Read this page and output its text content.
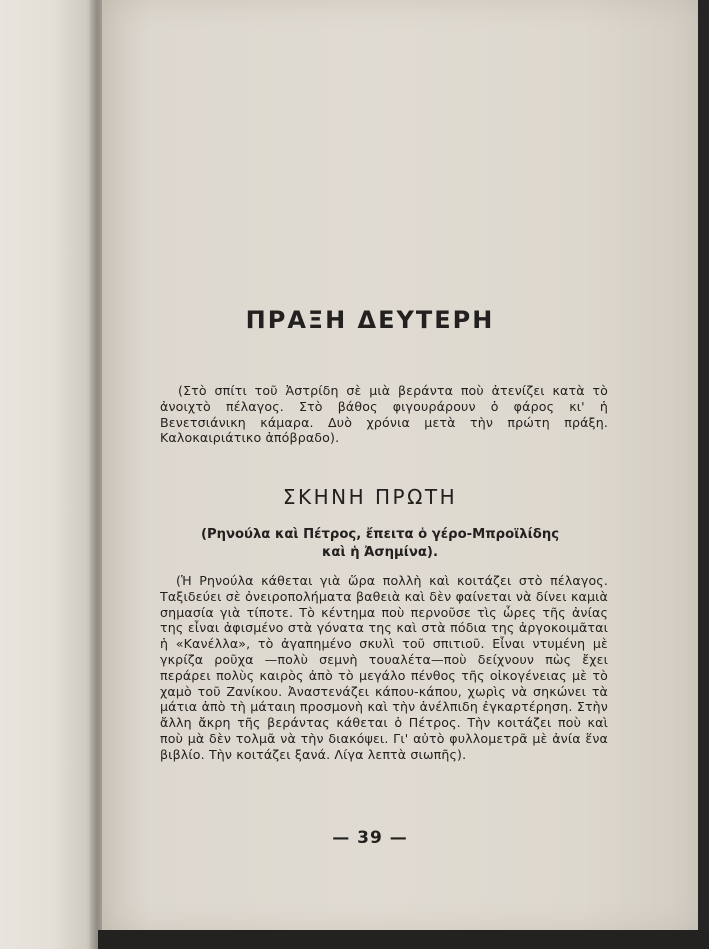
ΠΡΑΞΗ ΔΕΥΤΕΡΗ
(Στὸ σπίτι τοῦ Ἀστρίδη σὲ μιὰ βεράντα ποὺ ἀτενίζει κατὰ τὸ ἀνοιχτὸ πέλαγος. Στὸ βάθος φιγουράρουν ὁ φάρος κι' ἡ Βενετσιάνικη κάμαρα. Δυὸ χρόνια μετὰ τὴν πρώτη πράξη. Καλοκαιριάτικο ἀπόβραδο).
ΣΚΗΝΗ ΠΡΩΤΗ
(Ρηνούλα καὶ Πέτρος, ἔπειτα ὁ γέρο-Μπροϊλίδης
καὶ ἡ Ἀσημίνα).
(Ἡ Ρηνούλα κάθεται γιὰ ὥρα πολλὴ καὶ κοιτάζει στὸ πέλαγος. Ταξιδεύει σὲ ὀνειροπολήματα βαθειὰ καὶ δὲν φαίνεται νὰ δίνει καμιὰ σημασία γιὰ τίποτε. Τὸ κέντημα ποὺ περνοῦσε τὶς ὧρες τῆς ἀνίας της εἶναι ἀφισμένο στὰ γόνατα της καὶ στὰ πόδια της ἀργοκοιμᾶται ἡ «Κανέλλα», τὸ ἀγαπημένο σκυλὶ τοῦ σπιτιοῦ. Εἶναι ντυμένη μὲ γκρίζα ροῦχα —πολὺ σεμνὴ τουαλέτα—ποὺ δείχνουν πὼς ἔχει περάρει πολὺς καιρὸς ἀπὸ τὸ μεγάλο πένθος τῆς οἰκογένειας μὲ τὸ χαμὸ τοῦ Ζανίκου. Ἀναστενάζει κάπου-κάπου, χωρὶς νὰ σηκώνει τὰ μάτια ἀπὸ τὴ μάταιη προσμονὴ καὶ τὴν ἀνέλπιδη ἐγκαρτέρηση. Στὴν ἄλλη ἄκρη τῆς βεράντας κάθεται ὁ Πέτρος. Τὴν κοιτάζει ποὺ καὶ ποὺ μὰ δὲν τολμᾶ νὰ τὴν διακόψει. Γι' αὐτὸ φυλλομετρᾶ μὲ ἀνία ἕνα βιβλίο. Τὴν κοιτάζει ξανά. Λίγα λεπτὰ σιωπῆς).
— 39 —
